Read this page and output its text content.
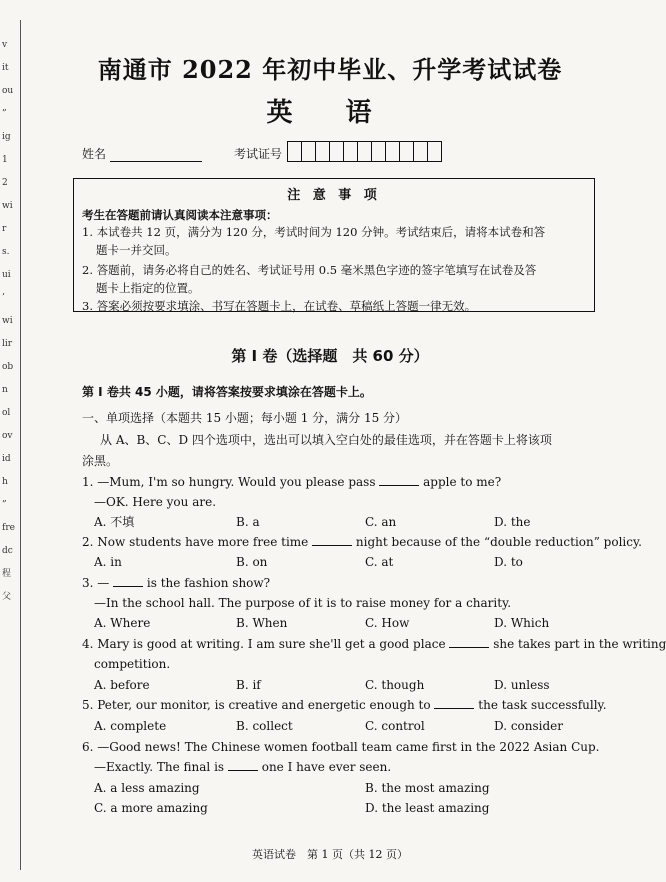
v
it
ou
”
ig
1
2
wi
r
s.
ui
’
wi
lir
ob
n
ol
ov
id
h
”
fre
dc
程
父
南通市 2022 年初中毕业、升学考试试卷
英 语
姓名	考试证号
注 意 事 项
考生在答题前请认真阅读本注意事项：
1. 本试卷共 12 页，满分为 120 分，考试时间为 120 分钟。考试结束后，请将本试卷和答
题卡一并交回。
2. 答题前，请务必将自己的姓名、考试证号用 0.5 毫米黑色字迹的签字笔填写在试卷及答
题卡上指定的位置。
3. 答案必须按要求填涂、书写在答题卡上，在试卷、草稿纸上答题一律无效。
第 I 卷（选择题　共 60 分）
第 I 卷共 45 小题，请将答案按要求填涂在答题卡上。
一、单项选择（本题共 15 小题；每小题 1 分，满分 15 分）
从 A、B、C、D 四个选项中，选出可以填入空白处的最佳选项，并在答题卡上将该项
涂黑。
1. —Mum, I'm so hungry. Would you please pass	apple to me?
—OK. Here you are.
A. 不填	B. a	C. an	D. the
2. Now students have more free time	night because of the “double reduction” policy.
A. in	B. on	C. at	D. to
3. —	is the fashion show?
—In the school hall. The purpose of it is to raise money for a charity.
A. Where	B. When	C. How	D. Which
4. Mary is good at writing. I am sure she'll get a good place	she takes part in the writing
competition.
A. before	B. if	C. though	D. unless
5. Peter, our monitor, is creative and energetic enough to	the task successfully.
A. complete	B. collect	C. control	D. consider
6. —Good news! The Chinese women football team came first in the 2022 Asian Cup.
—Exactly. The final is	one I have ever seen.
A. a less amazing	B. the most amazing
C. a more amazing	D. the least amazing
英语试卷　第 1 页（共 12 页）
